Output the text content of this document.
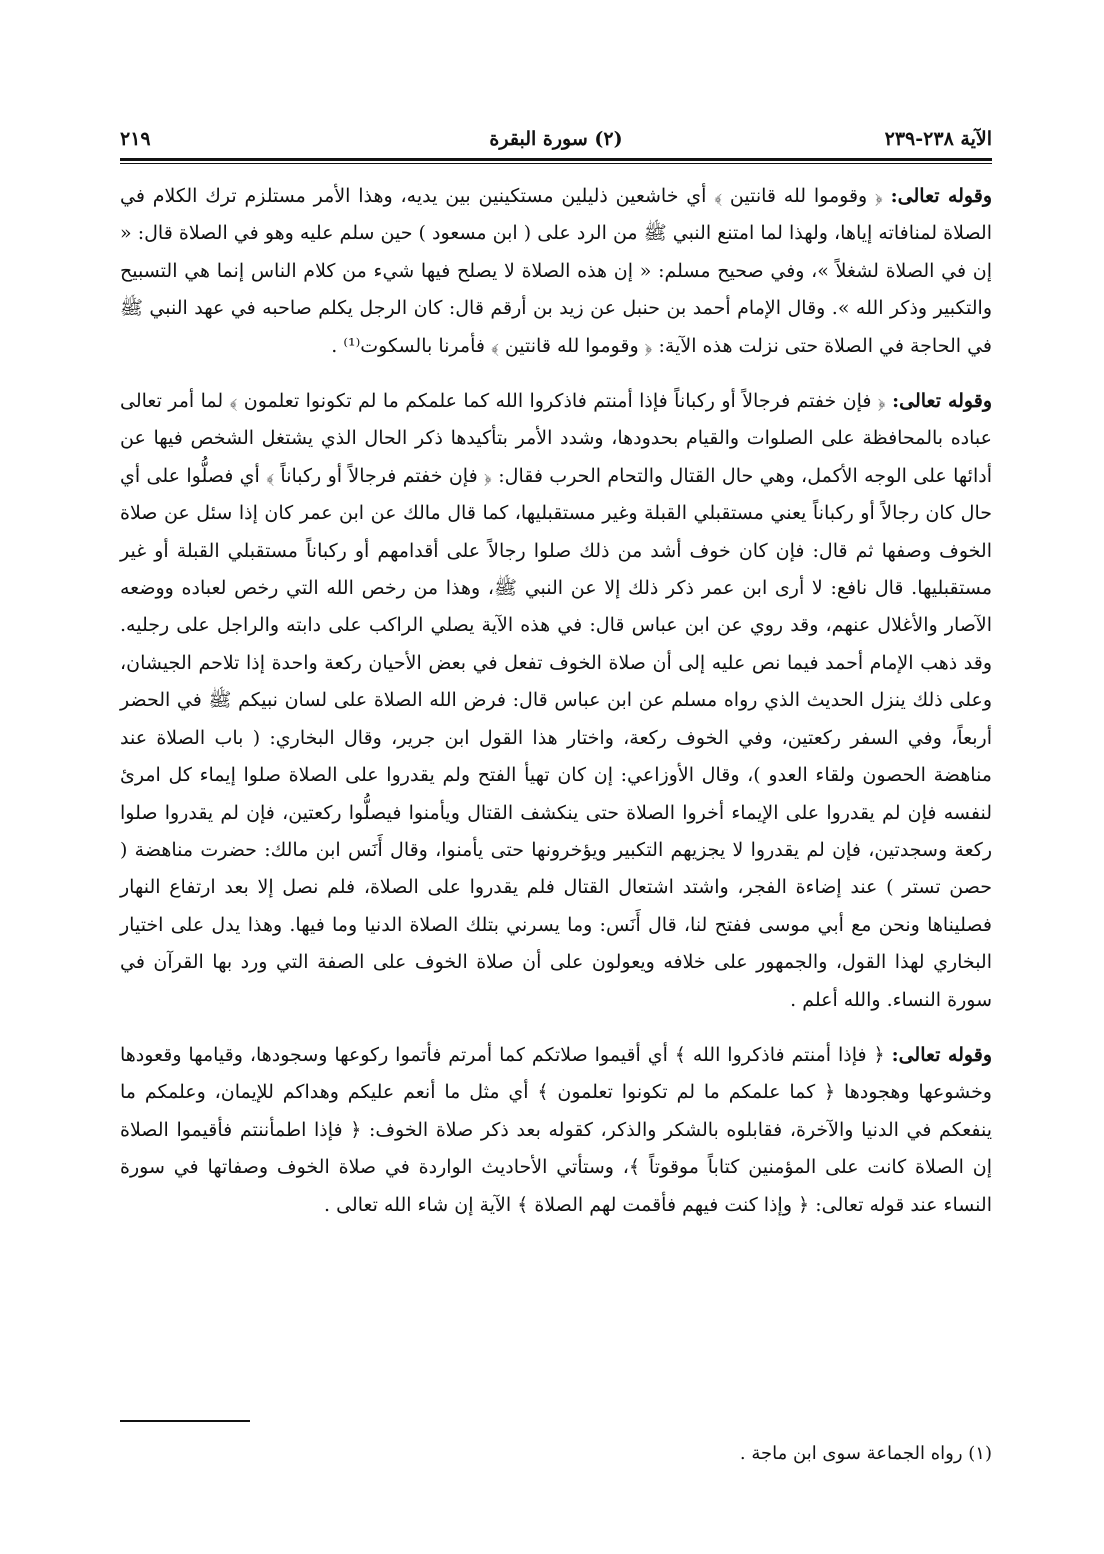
الآية ٢٣٨-٢٣٩
(٢) سورة البقرة
٢١٩

وقوله تعالى: ﴿ وقوموا لله قانتين ﴾ أي خاشعين ذليلين مستكينين بين يديه، وهذا الأمر مستلزم ترك الكلام في الصلاة لمنافاته إياها، ولهذا لما امتنع النبي ﷺ من الرد على ( ابن مسعود ) حين سلم عليه وهو في الصلاة قال: « إن في الصلاة لشغلاً »، وفي صحيح مسلم: « إن هذه الصلاة لا يصلح فيها شيء من كلام الناس إنما هي التسبيح والتكبير وذكر الله ». وقال الإمام أحمد بن حنبل عن زيد بن أرقم قال: كان الرجل يكلم صاحبه في عهد النبي ﷺ في الحاجة في الصلاة حتى نزلت هذه الآية: ﴿ وقوموا لله قانتين ﴾ فأمرنا بالسكوت⁽¹⁾ .

وقوله تعالى: ﴿ فإن خفتم فرجالاً أو ركباناً فإذا أمنتم فاذكروا الله كما علمكم ما لم تكونوا تعلمون ﴾ لما أمر تعالى عباده بالمحافظة على الصلوات والقيام بحدودها، وشدد الأمر بتأكيدها ذكر الحال الذي يشتغل الشخص فيها عن أدائها على الوجه الأكمل، وهي حال القتال والتحام الحرب فقال: ﴿ فإن خفتم فرجالاً أو ركباناً ﴾ أي فصلُّوا على أي حال كان رجالاً أو ركباناً يعني مستقبلي القبلة وغير مستقبليها، كما قال مالك عن ابن عمر كان إذا سئل عن صلاة الخوف وصفها ثم قال: فإن كان خوف أشد من ذلك صلوا رجالاً على أقدامهم أو ركباناً مستقبلي القبلة أو غير مستقبليها. قال نافع: لا أرى ابن عمر ذكر ذلك إلا عن النبي ﷺ، وهذا من رخص الله التي رخص لعباده ووضعه الآصار والأغلال عنهم، وقد روي عن ابن عباس قال: في هذه الآية يصلي الراكب على دابته والراجل على رجليه. وقد ذهب الإمام أحمد فيما نص عليه إلى أن صلاة الخوف تفعل في بعض الأحيان ركعة واحدة إذا تلاحم الجيشان، وعلى ذلك ينزل الحديث الذي رواه مسلم عن ابن عباس قال: فرض الله الصلاة على لسان نبيكم ﷺ في الحضر أربعاً، وفي السفر ركعتين، وفي الخوف ركعة، واختار هذا القول ابن جرير، وقال البخاري: ( باب الصلاة عند مناهضة الحصون ولقاء العدو )، وقال الأوزاعي: إن كان تهيأ الفتح ولم يقدروا على الصلاة صلوا إيماء كل امرئ لنفسه فإن لم يقدروا على الإيماء أخروا الصلاة حتى ينكشف القتال ويأمنوا فيصلُّوا ركعتين، فإن لم يقدروا صلوا ركعة وسجدتين، فإن لم يقدروا لا يجزيهم التكبير ويؤخرونها حتى يأمنوا، وقال أَنَس ابن مالك: حضرت مناهضة ( حصن تستر ) عند إضاءة الفجر، واشتد اشتعال القتال فلم يقدروا على الصلاة، فلم نصل إلا بعد ارتفاع النهار فصليناها ونحن مع أبي موسى ففتح لنا، قال أَنَس: وما يسرني بتلك الصلاة الدنيا وما فيها. وهذا يدل على اختيار البخاري لهذا القول، والجمهور على خلافه ويعولون على أن صلاة الخوف على الصفة التي ورد بها القرآن في سورة النساء. والله أعلم .

وقوله تعالى: ﴿ فإذا أمنتم فاذكروا الله ﴾ أي أقيموا صلاتكم كما أمرتم فأتموا ركوعها وسجودها، وقيامها وقعودها وخشوعها وهجودها ﴿ كما علمكم ما لم تكونوا تعلمون ﴾ أي مثل ما أنعم عليكم وهداكم للإيمان، وعلمكم ما ينفعكم في الدنيا والآخرة، فقابلوه بالشكر والذكر، كقوله بعد ذكر صلاة الخوف: ﴿ فإذا اطمأننتم فأقيموا الصلاة إن الصلاة كانت على المؤمنين كتاباً موقوتاً ﴾، وستأتي الأحاديث الواردة في صلاة الخوف وصفاتها في سورة النساء عند قوله تعالى: ﴿ وإذا كنت فيهم فأقمت لهم الصلاة ﴾ الآية إن شاء الله تعالى .

(١) رواه الجماعة سوى ابن ماجة .
